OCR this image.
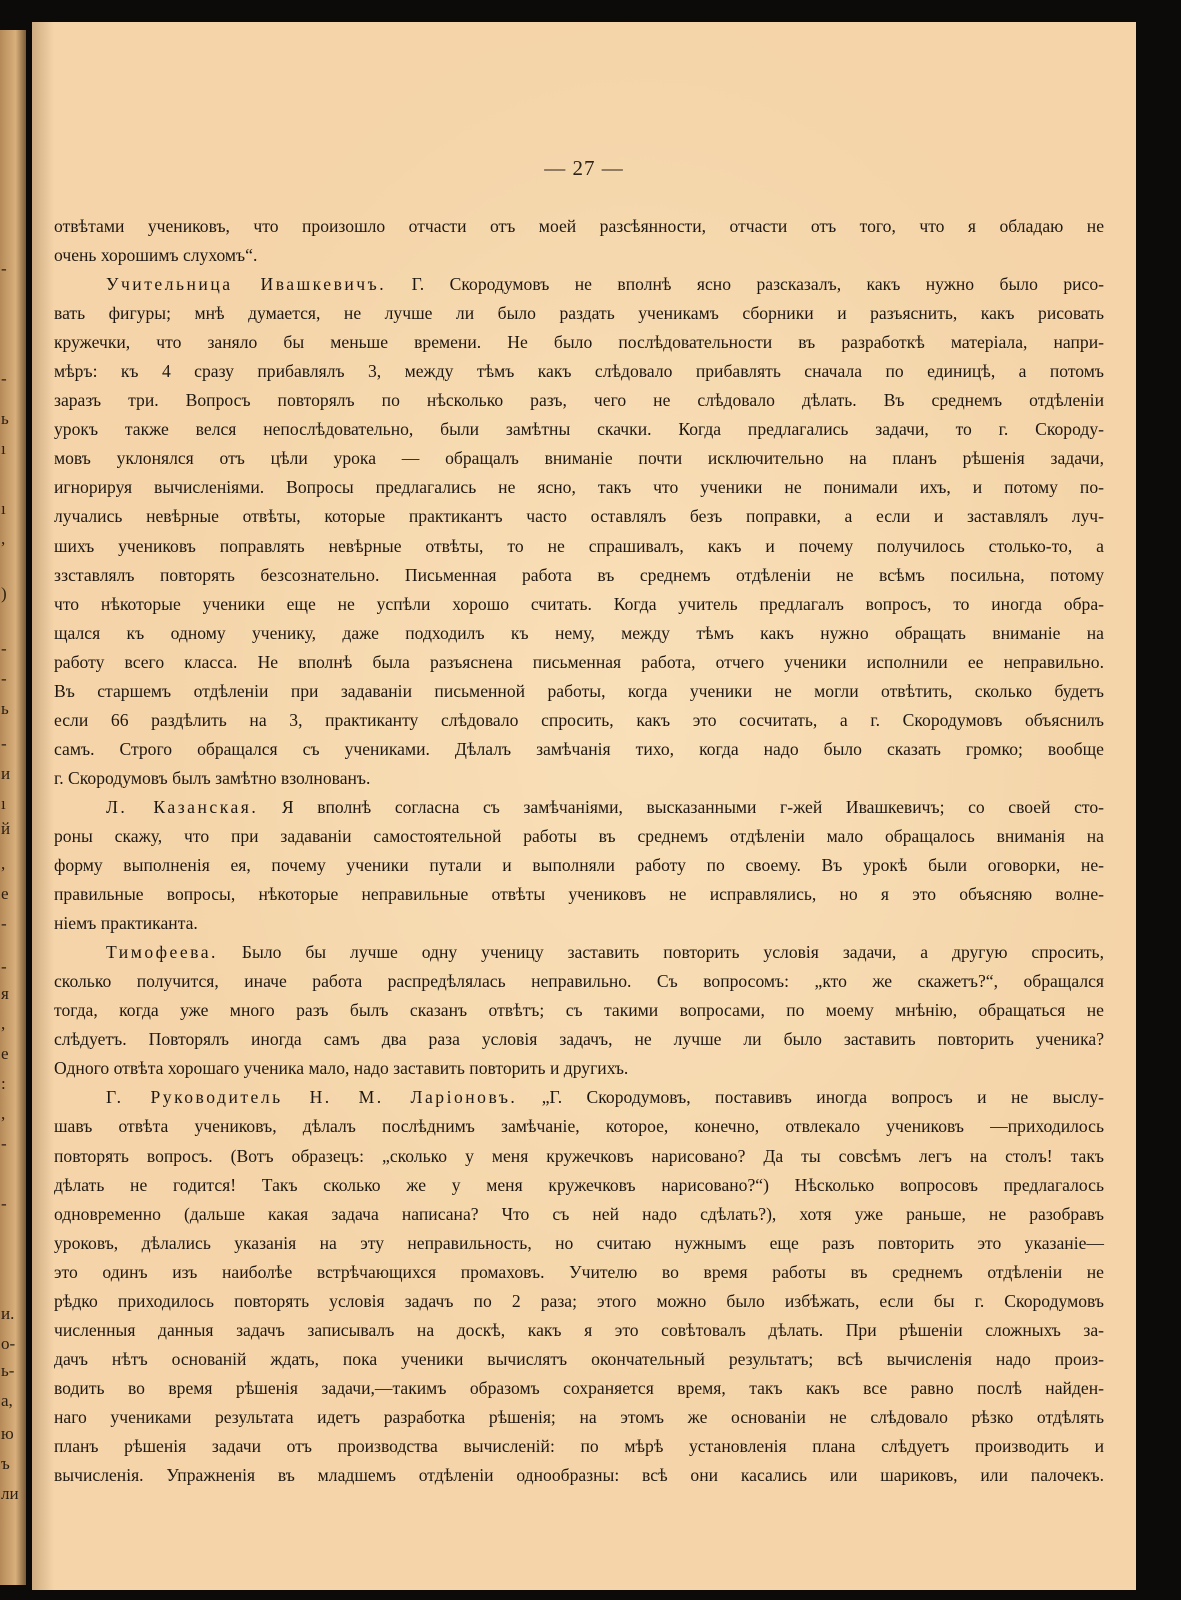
-
-
ь
ı
ı
,
)
-
-
ь
-
и
ı
й
,
е
-
-
я
,
е
:
,
-
-
и.
o-
ь-
a,
ю
ъ
ли
— 27 —
отвѣтами учениковъ, что произошло отчасти отъ моей разсѣянности, отчасти отъ того, что я обладаю не
очень хорошимъ слухомъ“.
Учительница Ивашкевичъ. Г. Скородумовъ не вполнѣ ясно разсказалъ, какъ нужно было рисо-
вать фигуры; мнѣ думается, не лучше ли было раздать ученикамъ сборники и разъяснить, какъ рисовать
кружечки, что заняло бы меньше времени. Не было послѣдовательности въ разработкѣ матеріала, напри-
мѣръ: къ 4 сразу прибавлялъ 3, между тѣмъ какъ слѣдовало прибавлять сначала по единицѣ, а потомъ
заразъ три. Вопросъ повторялъ по нѣсколько разъ, чего не слѣдовало дѣлать. Въ среднемъ отдѣленіи
урокъ также велся непослѣдовательно, были замѣтны скачки. Когда предлагались задачи, то г. Скороду-
мовъ уклонялся отъ цѣли урока — обращалъ вниманіе почти исключительно на планъ рѣшенія задачи,
игнорируя вычисленіями. Вопросы предлагались не ясно, такъ что ученики не понимали ихъ, и потому по-
лучались невѣрные отвѣты, которые практикантъ часто оставлялъ безъ поправки, а если и заставлялъ луч-
шихъ учениковъ поправлять невѣрные отвѣты, то не спрашивалъ, какъ и почему получилось столько-то, а
ззставлялъ повторять безсознательно. Письменная работа въ среднемъ отдѣленіи не всѣмъ посильна, потому
что нѣкоторые ученики еще не успѣли хорошо считать. Когда учитель предлагалъ вопросъ, то иногда обра-
щался къ одному ученику, даже подходилъ къ нему, между тѣмъ какъ нужно обращать вниманіе на
работу всего класса. Не вполнѣ была разъяснена письменная работа, отчего ученики исполнили ее неправильно.
Въ старшемъ отдѣленіи при задаваніи письменной работы, когда ученики не могли отвѣтить, сколько будетъ
если 66 раздѣлить на 3, практиканту слѣдовало спросить, какъ это сосчитать, а г. Скородумовъ объяснилъ
самъ. Строго обращался съ учениками. Дѣлалъ замѣчанія тихо, когда надо было сказать громко; вообще
г. Скородумовъ былъ замѣтно взолнованъ.
Л. Казанская. Я вполнѣ согласна съ замѣчаніями, высказанными г-жей Ивашкевичъ; со своей сто-
роны скажу, что при задаваніи самостоятельной работы въ среднемъ отдѣленіи мало обращалось вниманія на
форму выполненія ея, почему ученики путали и выполняли работу по своему. Въ урокѣ были оговорки, не-
правильные вопросы, нѣкоторые неправильные отвѣты учениковъ не исправлялись, но я это объясняю волне-
ніемъ практиканта.
Тимофеева. Было бы лучше одну ученицу заставить повторить условія задачи, а другую спросить,
сколько получится, иначе работа распредѣлялась неправильно. Съ вопросомъ: „кто же скажетъ?“, обращался
тогда, когда уже много разъ былъ сказанъ отвѣтъ; съ такими вопросами, по моему мнѣнію, обращаться не
слѣдуетъ. Повторялъ иногда самъ два раза условія задачъ, не лучше ли было заставить повторить ученика?
Одного отвѣта хорошаго ученика мало, надо заставить повторить и другихъ.
Г. Руководитель Н. М. Ларіоновъ. „Г. Скородумовъ, поставивъ иногда вопросъ и не выслу-
шавъ отвѣта учениковъ, дѣлалъ послѣднимъ замѣчаніе, которое, конечно, отвлекало учениковъ —приходилось
повторять вопросъ. (Вотъ образецъ: „сколько у меня кружечковъ нарисовано? Да ты совсѣмъ легъ на столъ! такъ
дѣлать не годится! Такъ сколько же у меня кружечковъ нарисовано?“) Нѣсколько вопросовъ предлагалось
одновременно (дальше какая задача написана? Что съ ней надо сдѣлать?), хотя уже раньше, не разобравъ
уроковъ, дѣлались указанія на эту неправильность, но считаю нужнымъ еще разъ повторить это указаніе—
это одинъ изъ наиболѣе встрѣчающихся промаховъ. Учителю во время работы въ среднемъ отдѣленіи не
рѣдко приходилось повторять условія задачъ по 2 раза; этого можно было избѣжать, если бы г. Скородумовъ
численныя данныя задачъ записывалъ на доскѣ, какъ я это совѣтовалъ дѣлать. При рѣшеніи сложныхъ за-
дачъ нѣтъ основаній ждать, пока ученики вычислятъ окончательный результатъ; всѣ вычисленія надо произ-
водить во время рѣшенія задачи,—такимъ образомъ сохраняется время, такъ какъ все равно послѣ найден-
наго учениками результата идетъ разработка рѣшенія; на этомъ же основаніи не слѣдовало рѣзко отдѣлять
планъ рѣшенія задачи отъ производства вычисленій: по мѣрѣ установленія плана слѣдуетъ производить и
вычисленія. Упражненія въ младшемъ отдѣленіи однообразны: всѣ они касались или шариковъ, или палочекъ.
